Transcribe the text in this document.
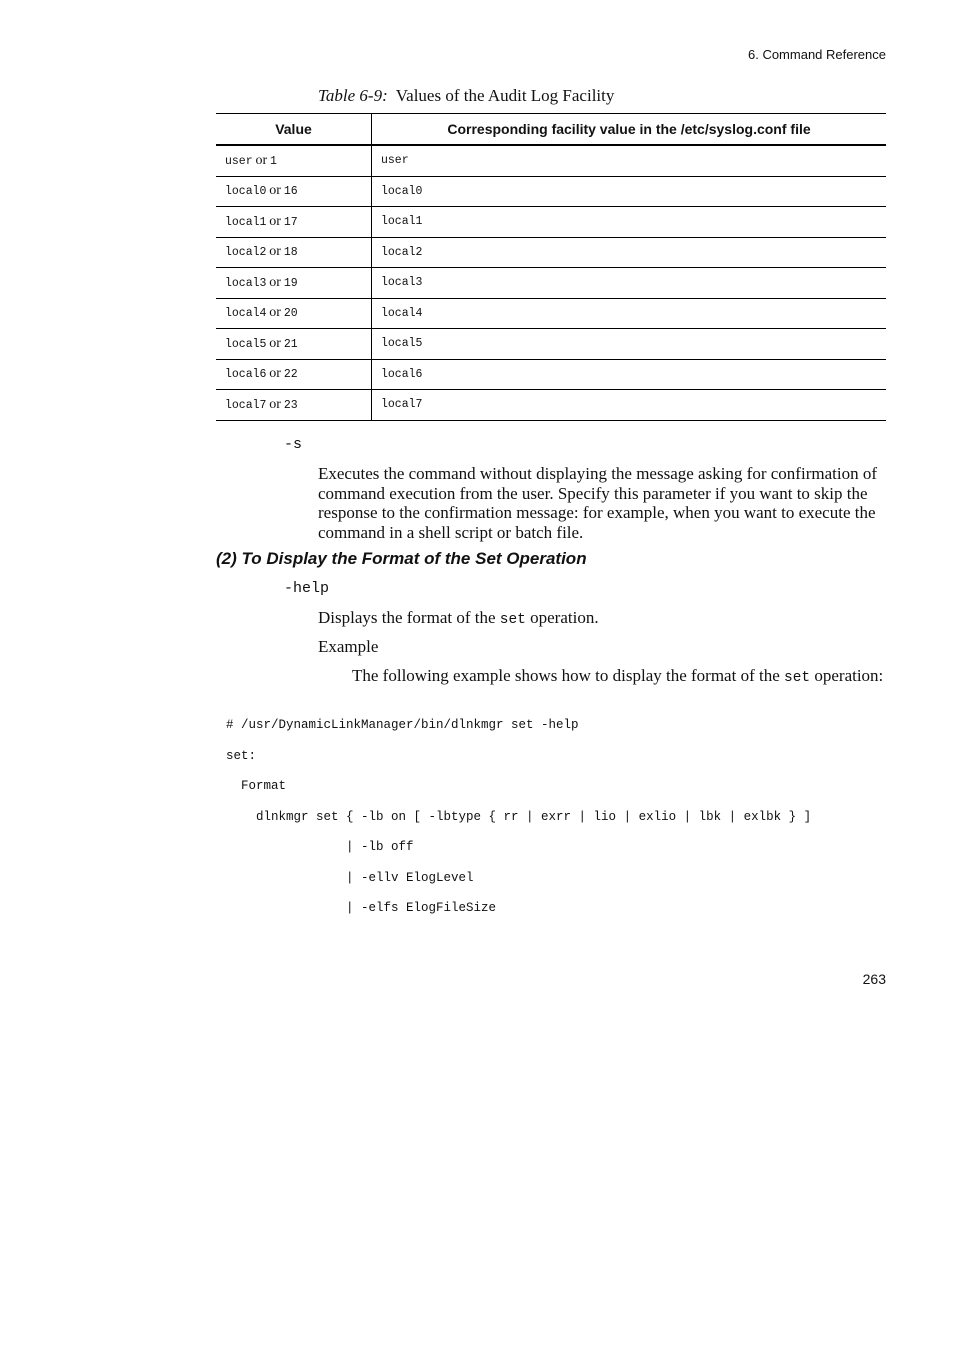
6. Command Reference
Table 6-9: Values of the Audit Log Facility
Value	Corresponding facility value in the /etc/syslog.conf file
user or 1	user
local0 or 16	local0
local1 or 17	local1
local2 or 18	local2
local3 or 19	local3
local4 or 20	local4
local5 or 21	local5
local6 or 22	local6
local7 or 23	local7
-s
Executes the command without displaying the message asking for confirmation of command execution from the user. Specify this parameter if you want to skip the response to the confirmation message: for example, when you want to execute the command in a shell script or batch file.
(2) To Display the Format of the Set Operation
-help
Displays the format of the set operation.
Example
The following example shows how to display the format of the set operation:
# /usr/DynamicLinkManager/bin/dlnkmgr set -help
set:
Format
dlnkmgr set { -lb on [ -lbtype { rr | exrr | lio | exlio | lbk | exlbk } ]
| -lb off
| -ellv ElogLevel
| -elfs ElogFileSize
263
